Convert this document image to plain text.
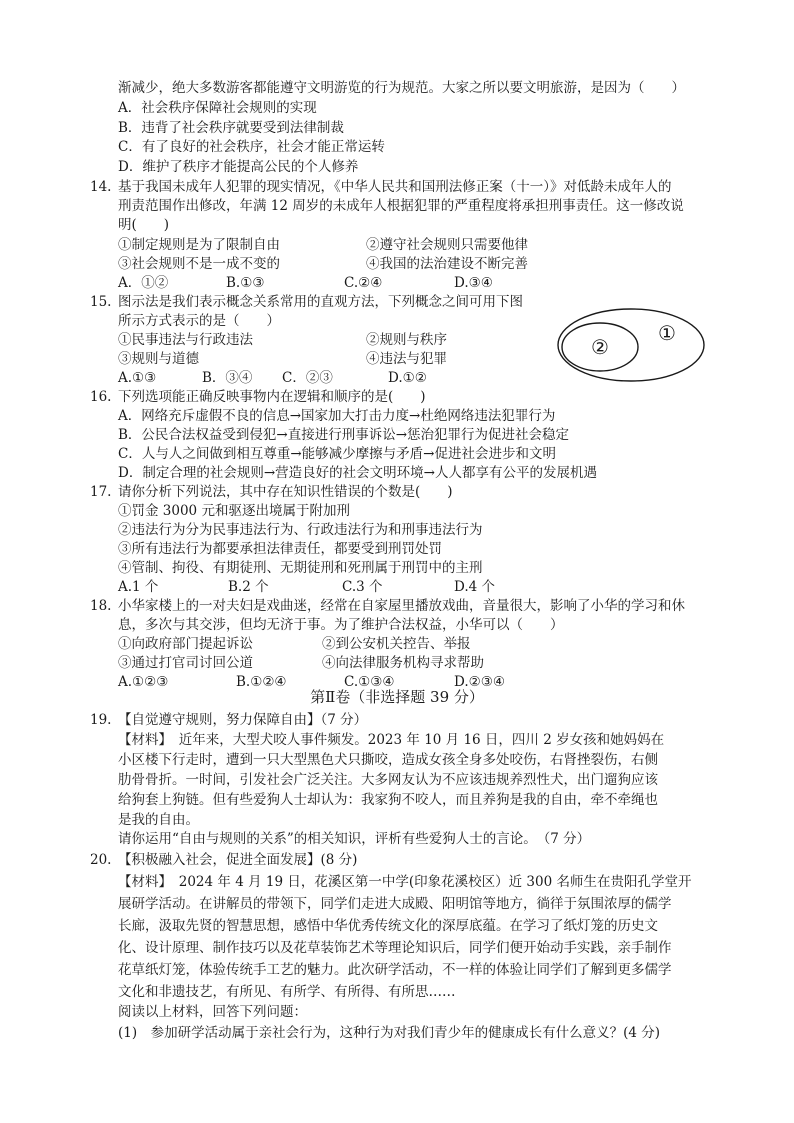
渐减少，绝大多数游客都能遵守文明游览的行为规范。大家之所以要文明旅游，是因为（　　）
A．社会秩序保障社会规则的实现
B．违背了社会秩序就要受到法律制裁
C．有了良好的社会秩序，社会才能正常运转
D．维护了秩序才能提高公民的个人修养
14. 基于我国未成年人犯罪的现实情况，《中华人民共和国刑法修正案（十一）》对低龄未成年人的
刑责范围作出修改，年满 12 周岁的未成年人根据犯罪的严重程度将承担刑事责任。这一修改说
明(　　)
①制定规则是为了限制自由	②遵守社会规则只需要他律
③社会规则不是一成不变的	④我国的法治建设不断完善
A．①②	B.①③	C.②④	D.③④
15. 图示法是我们表示概念关系常用的直观方法，下列概念之间可用下图
所示方式表示的是（　　）
①民事违法与行政违法	②规则与秩序
③规则与道德	④违法与犯罪
A.①③	B．③④ C．②③	D.①②
②
①
16. 下列选项能正确反映事物内在逻辑和顺序的是(　　)
A．网络充斥虚假不良的信息→国家加大打击力度→杜绝网络违法犯罪行为
B．公民合法权益受到侵犯→直接进行刑事诉讼→惩治犯罪行为促进社会稳定
C．人与人之间做到相互尊重→能够减少摩擦与矛盾→促进社会进步和文明
D．制定合理的社会规则→营造良好的社会文明环境→人人都享有公平的发展机遇
17. 请你分析下列说法，其中存在知识性错误的个数是(　　)
①罚金 3000 元和驱逐出境属于附加刑
②违法行为分为民事违法行为、行政违法行为和刑事违法行为
③所有违法行为都要承担法律责任，都要受到刑罚处罚
④管制、拘役、有期徒刑、无期徒刑和死刑属于刑罚中的主刑
A.1 个	B.2 个	C.3 个	D.4 个
18. 小华家楼上的一对夫妇是戏曲迷，经常在自家屋里播放戏曲，音量很大，影响了小华的学习和休
息，多次与其交涉，但均无济于事。为了维护合法权益，小华可以（　　）
①向政府部门提起诉讼	②到公安机关控告、举报
③通过打官司讨回公道	④向法律服务机构寻求帮助
A.①②③	B.①②④	C.①③④	D.②③④
第Ⅱ卷（非选择题 39 分）
19. 【自觉遵守规则，努力保障自由】（7 分）
【材料】　近年来，大型犬咬人事件频发。2023 年 10 月 16 日，四川 2 岁女孩和她妈妈在
小区楼下行走时，遭到一只大型黑色犬只撕咬，造成女孩全身多处咬伤，右肾挫裂伤，右侧
肋骨骨折。一时间，引发社会广泛关注。大多网友认为不应该违规养烈性犬，出门遛狗应该
给狗套上狗链。但有些爱狗人士却认为：我家狗不咬人，而且养狗是我的自由，牵不牵绳也
是我的自由。
请你运用“自由与规则的关系”的相关知识，评析有些爱狗人士的言论。　（7 分）
20. 【积极融入社会，促进全面发展】(8 分)
【材料】　2024 年 4 月 19 日，花溪区第一中学(印象花溪校区）近 300 名师生在贵阳孔学堂开
展研学活动。在讲解员的带领下，同学们走进大成殿、阳明馆等地方，徜徉于氛围浓厚的儒学
长廊，汲取先贤的智慧思想，感悟中华优秀传统文化的深厚底蕴。在学习了纸灯笼的历史文
化、设计原理、制作技巧以及花草装饰艺术等理论知识后，同学们便开始动手实践，亲手制作
花草纸灯笼，体验传统手工艺的魅力。此次研学活动，不一样的体验让同学们了解到更多儒学
文化和非遗技艺，有所见、有所学、有所得、有所思……
阅读以上材料，回答下列问题：
(1)　参加研学活动属于亲社会行为，这种行为对我们青少年的健康成长有什么意义？(4 分)
